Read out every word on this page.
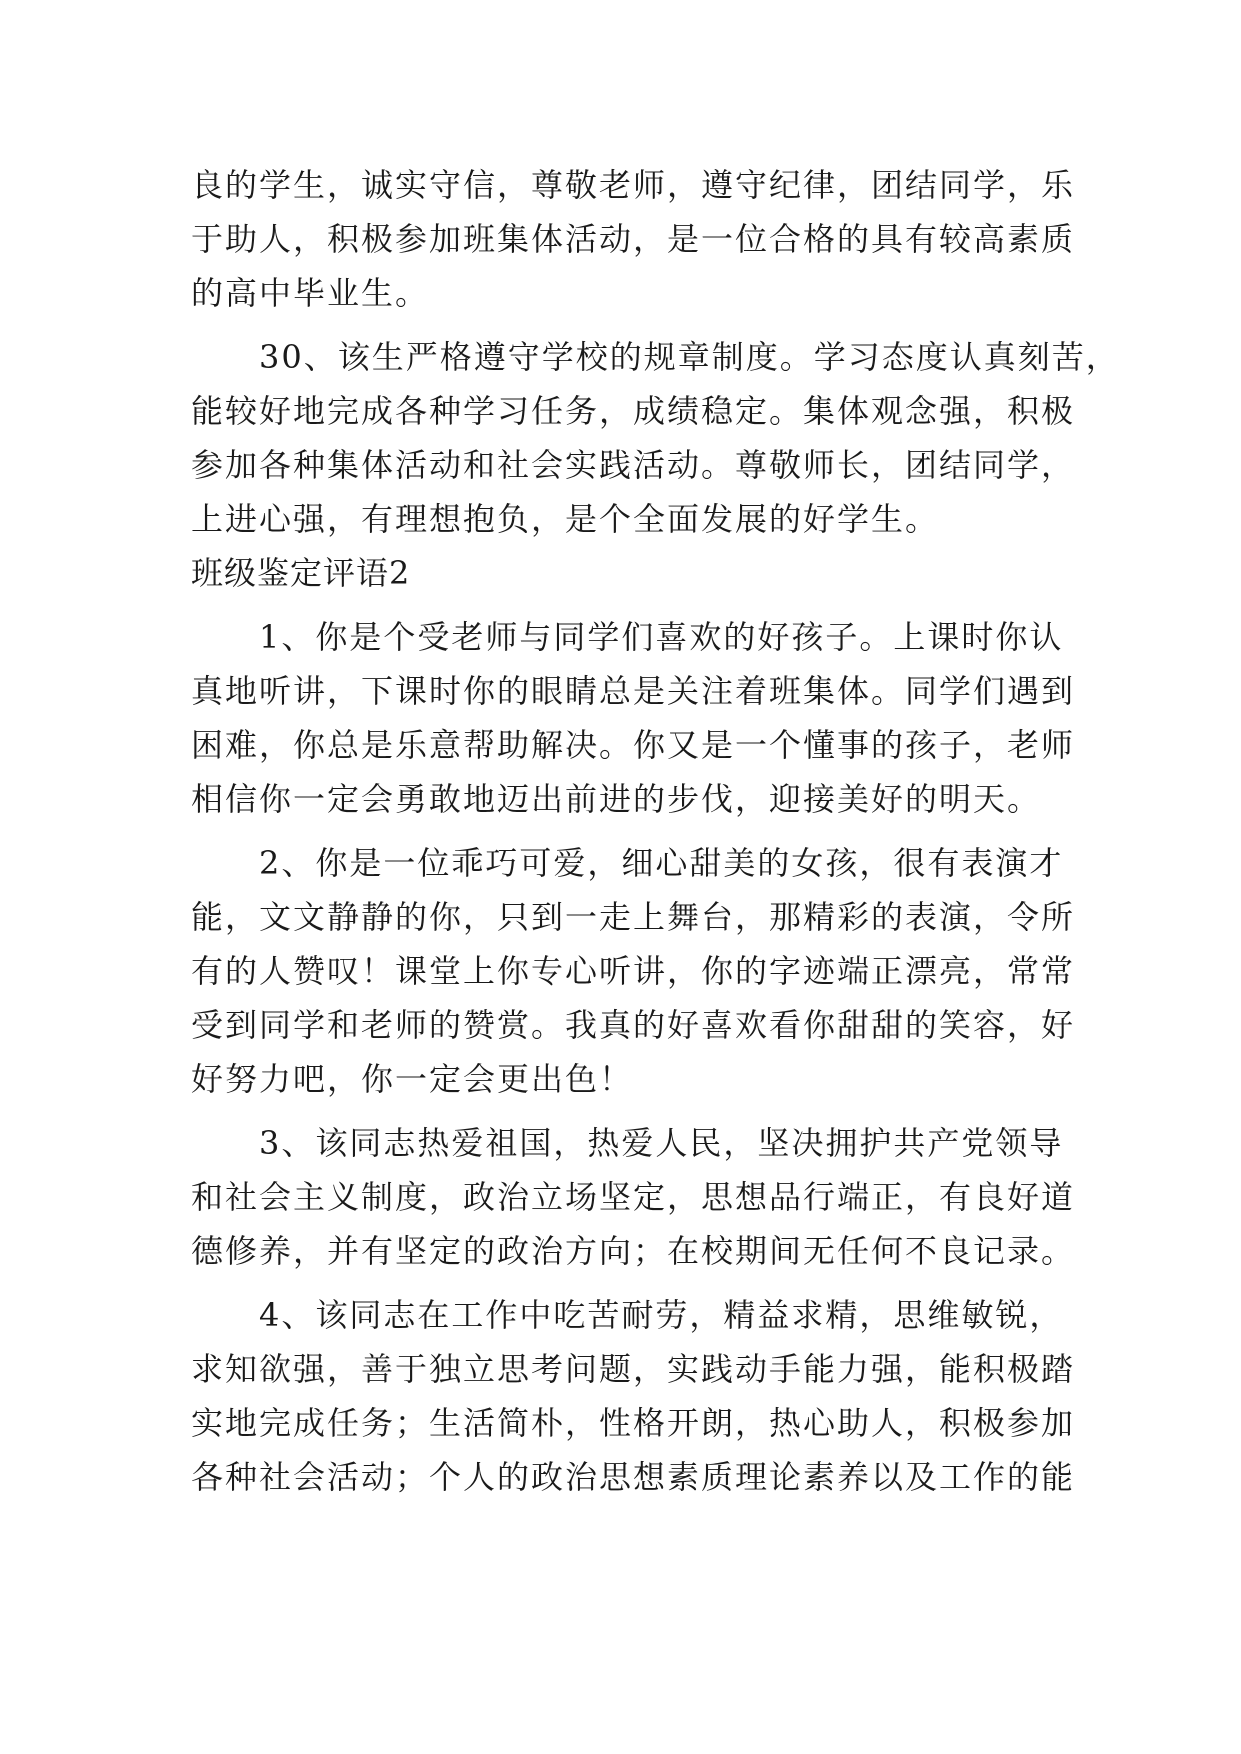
良的学生，诚实守信，尊敬老师，遵守纪律，团结同学，乐
于助人，积极参加班集体活动，是一位合格的具有较高素质
的高中毕业生。
30、该生严格遵守学校的规章制度。学习态度认真刻苦，
能较好地完成各种学习任务，成绩稳定。集体观念强，积极
参加各种集体活动和社会实践活动。尊敬师长，团结同学，
上进心强，有理想抱负，是个全面发展的好学生。
班级鉴定评语2
1、你是个受老师与同学们喜欢的好孩子。上课时你认
真地听讲，下课时你的眼睛总是关注着班集体。同学们遇到
困难，你总是乐意帮助解决。你又是一个懂事的孩子，老师
相信你一定会勇敢地迈出前进的步伐，迎接美好的明天。
2、你是一位乖巧可爱，细心甜美的女孩，很有表演才
能，文文静静的你，只到一走上舞台，那精彩的表演，令所
有的人赞叹！课堂上你专心听讲，你的字迹端正漂亮，常常
受到同学和老师的赞赏。我真的好喜欢看你甜甜的笑容，好
好努力吧，你一定会更出色！
3、该同志热爱祖国，热爱人民，坚决拥护共产党领导
和社会主义制度，政治立场坚定，思想品行端正，有良好道
德修养，并有坚定的政治方向；在校期间无任何不良记录。
4、该同志在工作中吃苦耐劳，精益求精，思维敏锐，
求知欲强，善于独立思考问题，实践动手能力强，能积极踏
实地完成任务；生活简朴，性格开朗，热心助人，积极参加
各种社会活动；个人的政治思想素质理论素养以及工作的能
